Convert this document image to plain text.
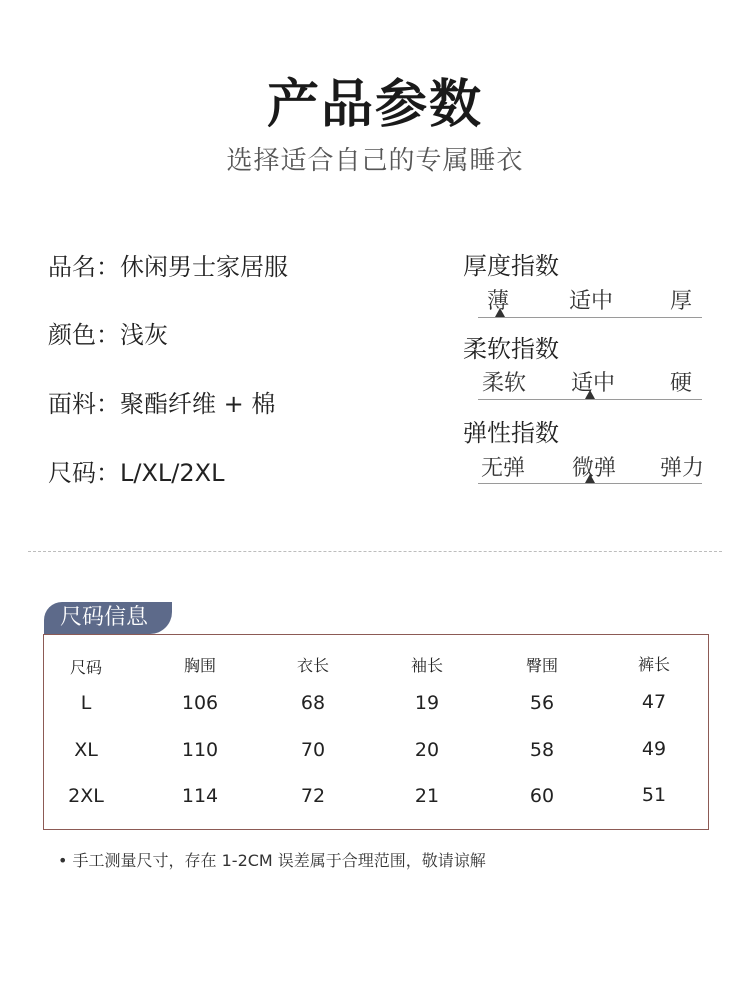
产品参数
选择适合自己的专属睡衣
品名：休闲男士家居服
颜色：浅灰
面料：聚酯纤维 + 棉
尺码：L/XL/2XL
厚度指数
薄	适中	厚
柔软指数
柔软 适中 硬
弹性指数
无弹 微弹 弹力
尺码信息
尺码	胸围	衣长	袖长	臀围	裤长
L	106	68	19	56	47
XL	110	70	20	58	49
2XL	114	72	21	60	51
• 手工测量尺寸，存在 1-2CM 误差属于合理范围，敬请谅解
